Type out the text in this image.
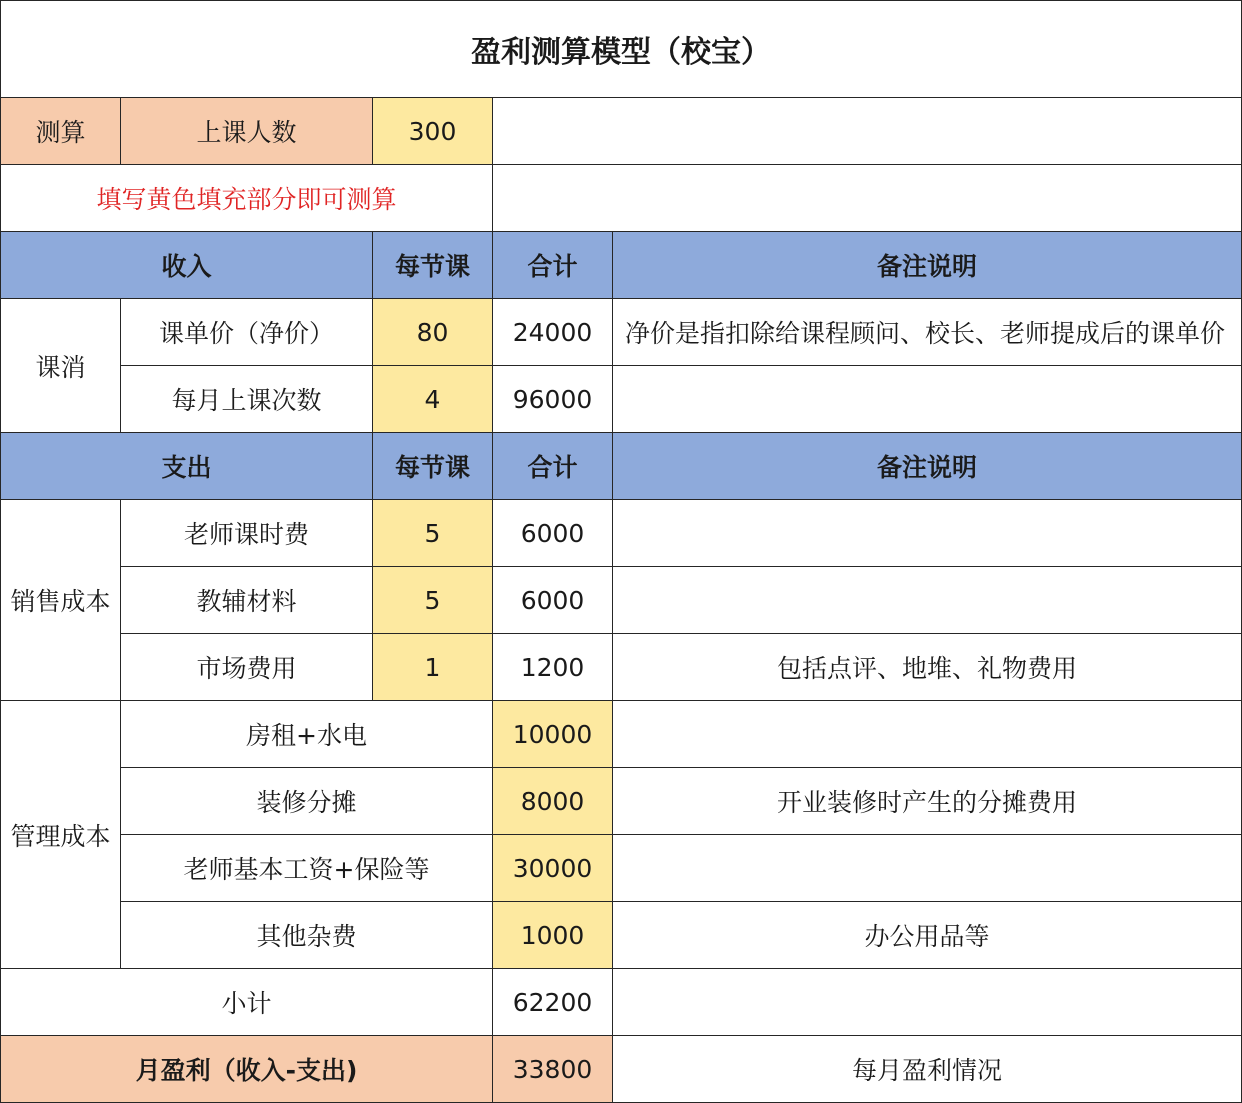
盈利测算模型（校宝）				
测算	上课人数	300		
填写黄色填充部分即可测算				
收入		每节课	合计	备注说明
课消	课单价（净价）	80	24000	净价是指扣除给课程顾问、校长、老师提成后的课单价
	每月上课次数	4	96000	
支出		每节课	合计	备注说明
销售成本	老师课时费	5	6000	
	教辅材料	5	6000	
	市场费用	1	1200	包括点评、地堆、礼物费用
管理成本	房租+水电		10000	
	装修分摊		8000	开业装修时产生的分摊费用
	老师基本工资+保险等		30000	
	其他杂费		1000	办公用品等
小计			62200	
月盈利（收入-支出)			33800	每月盈利情况
